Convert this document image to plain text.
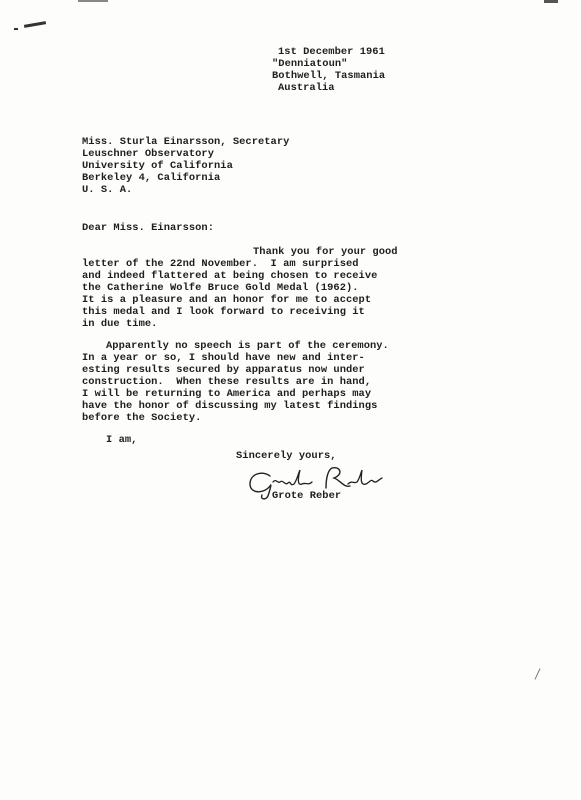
1st December 1961
"Denniatoun"
Bothwell, Tasmania
Australia
Miss. Sturla Einarsson, Secretary
Leuschner Observatory
University of California
Berkeley 4, California
U. S. A.
Dear Miss. Einarsson:
Thank you for your good
letter of the 22nd November.  I am surprised
and indeed flattered at being chosen to receive
the Catherine Wolfe Bruce Gold Medal (1962).
It is a pleasure and an honor for me to accept
this medal and I look forward to receiving it
in due time.
Apparently no speech is part of the ceremony.
In a year or so, I should have new and inter-
esting results secured by apparatus now under
construction.  When these results are in hand,
I will be returning to America and perhaps may
have the honor of discussing my latest findings
before the Society.
I am,
Sincerely yours,
Grote Reber
